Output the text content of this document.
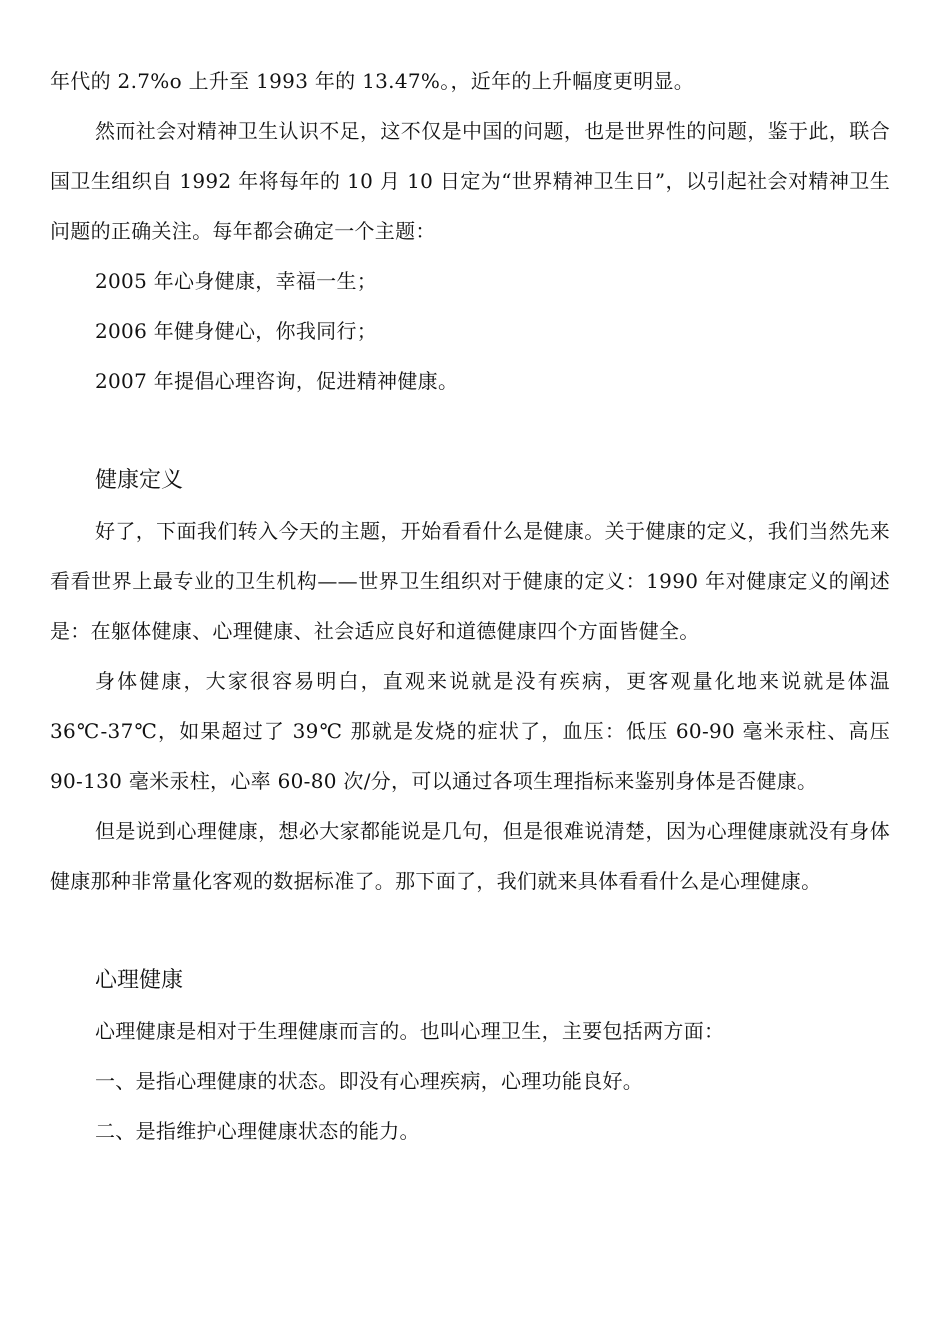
年代的 2.7%o 上升至 1993 年的 13.47%。，近年的上升幅度更明显。

然而社会对精神卫生认识不足，这不仅是中国的问题，也是世界性的问题，鉴于此，联合国卫生组织自 1992 年将每年的 10 月 10 日定为“世界精神卫生日”，以引起社会对精神卫生问题的正确关注。每年都会确定一个主题：

2005 年心身健康，幸福一生；

2006 年健身健心，你我同行；

2007 年提倡心理咨询，促进精神健康。

健康定义

好了，下面我们转入今天的主题，开始看看什么是健康。关于健康的定义，我们当然先来看看世界上最专业的卫生机构——世界卫生组织对于健康的定义：1990 年对健康定义的阐述是：在躯体健康、心理健康、社会适应良好和道德健康四个方面皆健全。

身体健康，大家很容易明白，直观来说就是没有疾病，更客观量化地来说就是体温 36℃-37℃，如果超过了 39℃ 那就是发烧的症状了，血压：低压 60-90 毫米汞柱、高压 90-130 毫米汞柱，心率 60-80 次/分，可以通过各项生理指标来鉴别身体是否健康。

但是说到心理健康，想必大家都能说是几句，但是很难说清楚，因为心理健康就没有身体健康那种非常量化客观的数据标准了。那下面了，我们就来具体看看什么是心理健康。

心理健康

心理健康是相对于生理健康而言的。也叫心理卫生，主要包括两方面：

一、是指心理健康的状态。即没有心理疾病，心理功能良好。

二、是指维护心理健康状态的能力。
